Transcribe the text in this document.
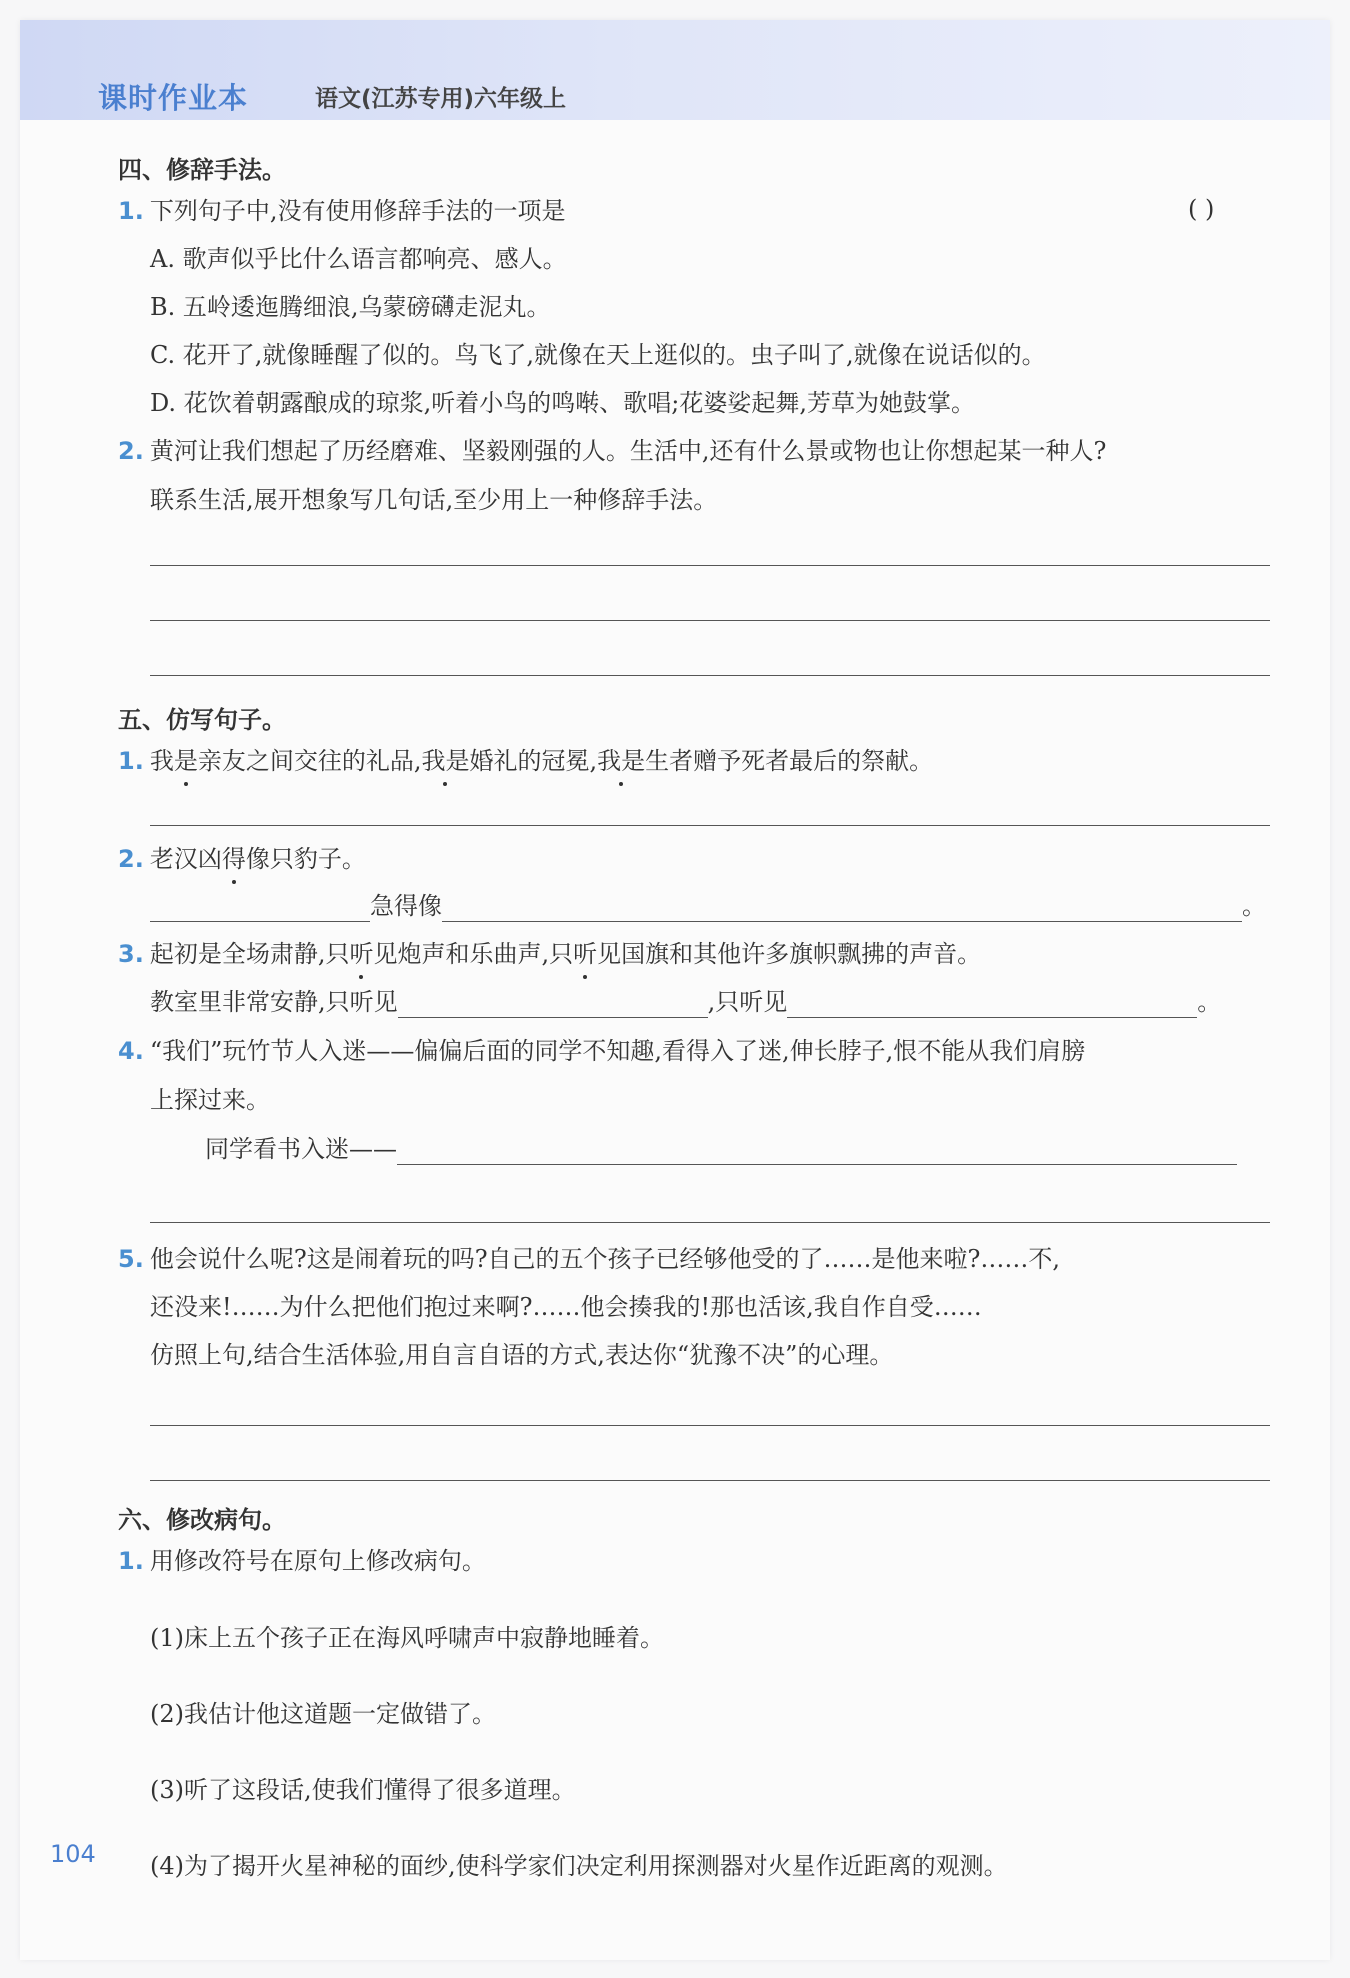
课时作业本	语文(江苏专用)六年级上
四、修辞手法。
1. 下列句子中,没有使用修辞手法的一项是	( )
A. 歌声似乎比什么语言都响亮、感人。
B. 五岭逶迤腾细浪,乌蒙磅礴走泥丸。
C. 花开了,就像睡醒了似的。鸟飞了,就像在天上逛似的。虫子叫了,就像在说话似的。
D. 花饮着朝露酿成的琼浆,听着小鸟的鸣啭、歌唱;花婆娑起舞,芳草为她鼓掌。
2. 黄河让我们想起了历经磨难、坚毅刚强的人。生活中,还有什么景或物也让你想起某一种人?
联系生活,展开想象写几句话,至少用上一种修辞手法。
五、仿写句子。
1. 我是亲友之间交往的礼品,我是婚礼的冠冕,我是生者赠予死者最后的祭献。
2. 老汉凶得像只豹子。
急得像	。
3. 起初是全场肃静,只听见炮声和乐曲声,只听见国旗和其他许多旗帜飘拂的声音。
教室里非常安静,只听见	,只听见	。
4. “我们”玩竹节人入迷——偏偏后面的同学不知趣,看得入了迷,伸长脖子,恨不能从我们肩膀
上探过来。
同学看书入迷——
5. 他会说什么呢?这是闹着玩的吗?自己的五个孩子已经够他受的了……是他来啦?……不,
还没来!……为什么把他们抱过来啊?……他会揍我的!那也活该,我自作自受……
仿照上句,结合生活体验,用自言自语的方式,表达你“犹豫不决”的心理。
六、修改病句。
1. 用修改符号在原句上修改病句。
(1)床上五个孩子正在海风呼啸声中寂静地睡着。
(2)我估计他这道题一定做错了。
(3)听了这段话,使我们懂得了很多道理。
(4)为了揭开火星神秘的面纱,使科学家们决定利用探测器对火星作近距离的观测。
104
